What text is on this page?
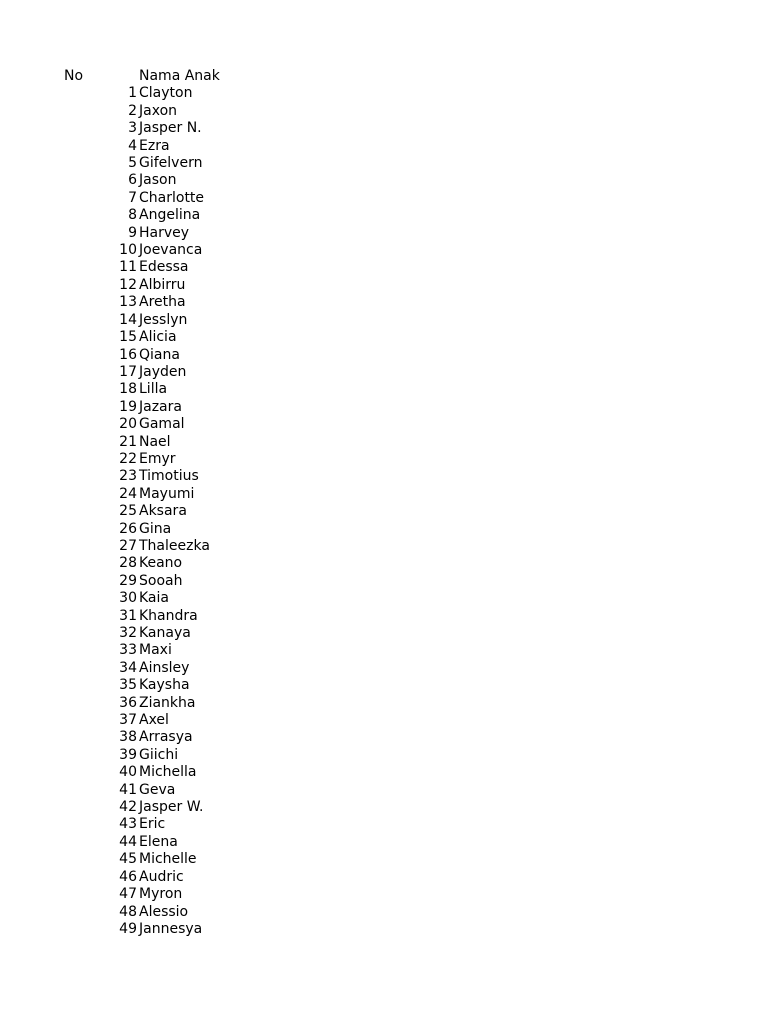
No	Nama Anak
1 Clayton
2 Jaxon
3 Jasper N.
4 Ezra
5 Gifelvern
6 Jason
7 Charlotte
8 Angelina
9 Harvey
10 Joevanca
11 Edessa
12 Albirru
13 Aretha
14 Jesslyn
15 Alicia
16 Qiana
17 Jayden
18 Lilla
19 Jazara
20 Gamal
21 Nael
22 Emyr
23 Timotius
24 Mayumi
25 Aksara
26 Gina
27 Thaleezka
28 Keano
29 Sooah
30 Kaia
31 Khandra
32 Kanaya
33 Maxi
34 Ainsley
35 Kaysha
36 Ziankha
37 Axel
38 Arrasya
39 Giichi
40 Michella
41 Geva
42 Jasper W.
43 Eric
44 Elena
45 Michelle
46 Audric
47 Myron
48 Alessio
49 Jannesya
